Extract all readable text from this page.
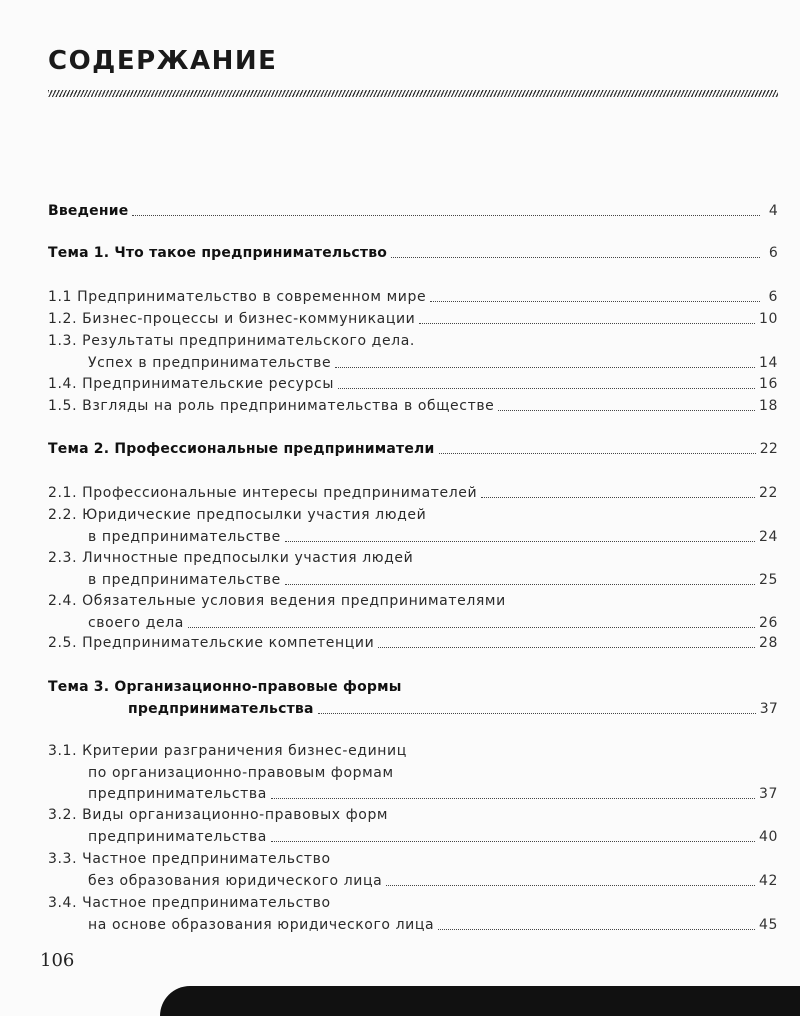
СОДЕРЖАНИЕ
Введение	4
Тема 1. Что такое предпринимательство	6
1.1 Предпринимательство в современном мире	6
1.2. Бизнес-процессы и бизнес-коммуникации	10
1.3. Результаты предпринимательского дела.
Успех в предпринимательстве	14
1.4. Предпринимательские ресурсы	16
1.5. Взгляды на роль предпринимательства в обществе	18
Тема 2. Профессиональные предприниматели	22
2.1. Профессиональные интересы предпринимателей	22
2.2. Юридические предпосылки участия людей
в предпринимательстве	24
2.3. Личностные предпосылки участия людей
в предпринимательстве	25
2.4. Обязательные условия ведения предпринимателями
своего дела	26
2.5. Предпринимательские компетенции	28
Тема 3. Организационно-правовые формы
предпринимательства	37
3.1. Критерии разграничения бизнес-единиц
по организационно-правовым формам
предпринимательства	37
3.2. Виды организационно-правовых форм
предпринимательства	40
3.3. Частное предпринимательство
без образования юридического лица	42
3.4. Частное предпринимательство
на основе образования юридического лица	45
106
